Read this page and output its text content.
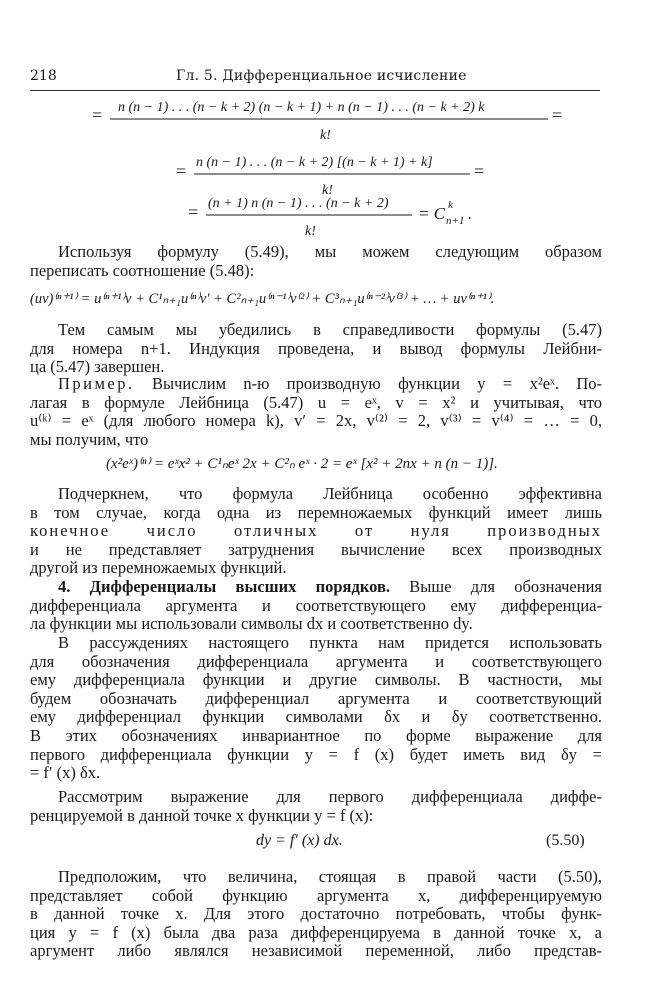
218	Гл. 5. Дифференциальное исчисление
= n (n − 1) . . . (n − k + 2) (n − k + 1) + n (n − 1) . . . (n − k + 2) k
k!
=
= n (n − 1) . . . (n − k + 2) [(n − k + 1) + k]
k!
=
= (n + 1) n (n − 1) . . . (n − k + 2)
k!
= C k
n+1 .
Используя формулу (5.49), мы можем следующим образом
переписать соотношение (5.48):
(uv)⁽ⁿ⁺¹⁾ = u⁽ⁿ⁺¹⁾v + C¹ₙ₊₁u⁽ⁿ⁾v′ + C²ₙ₊₁u⁽ⁿ⁻¹⁾v⁽²⁾ + C³ₙ₊₁u⁽ⁿ⁻²⁾v⁽³⁾ + … + uv⁽ⁿ⁺¹⁾.
Тем самым мы убедились в справедливости формулы (5.47)
для номера n+1. Индукция проведена, и вывод формулы Лейбни-
ца (5.47) завершен.
Пример. Вычислим n-ю производную функции y = x²eˣ. По-
лагая в формуле Лейбница (5.47) u = eˣ, v = x² и учитывая, что
u⁽ᵏ⁾ = eˣ (для любого номера k), v′ = 2x, v⁽²⁾ = 2, v⁽³⁾ = v⁽⁴⁾ = … = 0,
мы получим, что
(x²eˣ)⁽ⁿ⁾ = eˣx² + C¹ₙeˣ 2x + C²ₙ eˣ · 2 = eˣ [x² + 2nx + n (n − 1)].
Подчеркнем, что формула Лейбница особенно эффективна
в том случае, когда одна из перемножаемых функций имеет лишь
конечное число отличных от нуля производных
и не представляет затруднения вычисление всех производных
другой из перемножаемых функций.
4. Дифференциалы высших порядков. Выше для обозначения
дифференциала аргумента и соответствующего ему дифференциа-
ла функции мы использовали символы dx и соответственно dy.
В рассуждениях настоящего пункта нам придется использовать
для обозначения дифференциала аргумента и соответствующего
ему дифференциала функции и другие символы. В частности, мы
будем обозначать дифференциал аргумента и соответствующий
ему дифференциал функции символами δx и δy соответственно.
В этих обозначениях инвариантное по форме выражение для
первого дифференциала функции y = f (x) будет иметь вид δy =
= f′ (x) δx.
Рассмотрим выражение для первого дифференциала диффе-
ренцируемой в данной точке x функции y = f (x):
dy = f′ (x) dx.	(5.50)
Предположим, что величина, стоящая в правой части (5.50),
представляет собой функцию аргумента x, дифференцируемую
в данной точке x. Для этого достаточно потребовать, чтобы функ-
ция y = f (x) была два раза дифференцируема в данной точке x, а
аргумент либо являлся независимой переменной, либо представ-
